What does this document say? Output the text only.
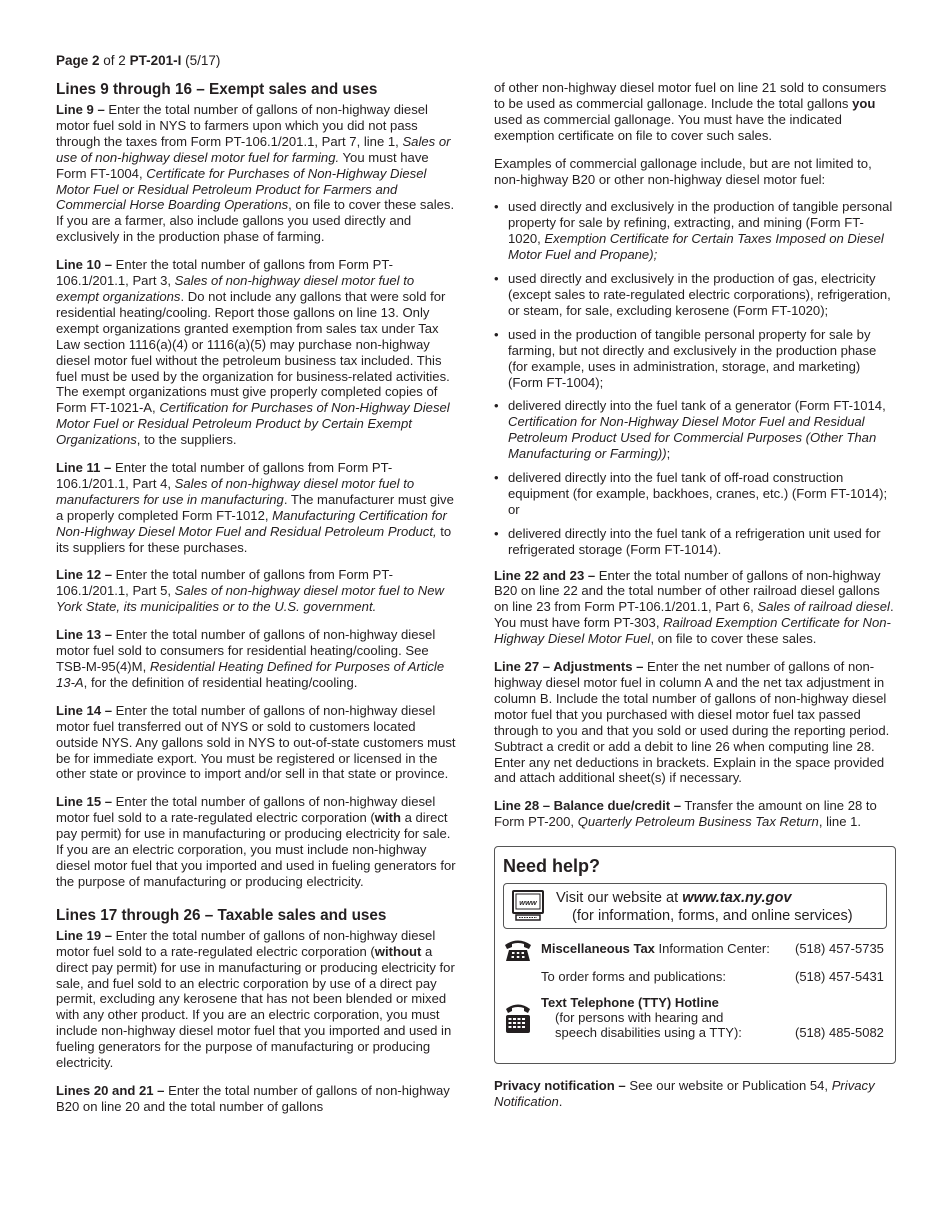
Page 2 of 2 PT-201-I (5/17)
Lines 9 through 16 – Exempt sales and uses

Line 9 – Enter the total number of gallons of non-highway diesel motor fuel sold in NYS to farmers upon which you did not pass through the taxes from Form PT-106.1/201.1, Part 7, line 1, Sales or use of non-highway diesel motor fuel for farming. You must have Form FT-1004, Certificate for Purchases of Non-Highway Diesel Motor Fuel or Residual Petroleum Product for Farmers and Commercial Horse Boarding Operations, on file to cover these sales. If you are a farmer, also include gallons you used directly and exclusively in the production phase of farming.

Line 10 – Enter the total number of gallons from Form PT-106.1/201.1, Part 3, Sales of non-highway diesel motor fuel to exempt organizations. Do not include any gallons that were sold for residential heating/cooling. Report those gallons on line 13. Only exempt organizations granted exemption from sales tax under Tax Law section 1116(a)(4) or 1116(a)(5) may purchase non-highway diesel motor fuel without the petroleum business tax included. This fuel must be used by the organization for business-related activities. The exempt organizations must give properly completed copies of Form FT-1021-A, Certification for Purchases of Non-Highway Diesel Motor Fuel or Residual Petroleum Product by Certain Exempt Organizations, to the suppliers.

Line 11 – Enter the total number of gallons from Form PT-106.1/201.1, Part 4, Sales of non-highway diesel motor fuel to manufacturers for use in manufacturing. The manufacturer must give a properly completed Form FT-1012, Manufacturing Certification for Non-Highway Diesel Motor Fuel and Residual Petroleum Product, to its suppliers for these purchases.

Line 12 – Enter the total number of gallons from Form PT-106.1/201.1, Part 5, Sales of non-highway diesel motor fuel to New York State, its municipalities or to the U.S. government.

Line 13 – Enter the total number of gallons of non-highway diesel motor fuel sold to consumers for residential heating/cooling. See TSB-M-95(4)M, Residential Heating Defined for Purposes of Article 13-A, for the definition of residential heating/cooling.

Line 14 – Enter the total number of gallons of non-highway diesel motor fuel transferred out of NYS or sold to customers located outside NYS. Any gallons sold in NYS to out-of-state customers must be for immediate export. You must be registered or licensed in the other state or province to import and/or sell in that state or province.

Line 15 – Enter the total number of gallons of non-highway diesel motor fuel sold to a rate-regulated electric corporation (with a direct pay permit) for use in manufacturing or producing electricity for sale. If you are an electric corporation, you must include non-highway diesel motor fuel that you imported and used in fueling generators for the purpose of manufacturing or producing electricity.

Lines 17 through 26 – Taxable sales and uses

Line 19 – Enter the total number of gallons of non-highway diesel motor fuel sold to a rate-regulated electric corporation (without a direct pay permit) for use in manufacturing or producing electricity for sale, and fuel sold to an electric corporation by use of a direct pay permit, excluding any kerosene that has not been blended or mixed with any other product. If you are an electric corporation, you must include non-highway diesel motor fuel that you imported and used in fueling generators for the purpose of manufacturing or producing electricity.

Lines 20 and 21 – Enter the total number of gallons of non-highway B20 on line 20 and the total number of gallons

of other non-highway diesel motor fuel on line 21 sold to consumers to be used as commercial gallonage. Include the total gallons you used as commercial gallonage. You must have the indicated exemption certificate on file to cover such sales.

Examples of commercial gallonage include, but are not limited to, non-highway B20 or other non-highway diesel motor fuel:

• used directly and exclusively in the production of tangible personal property for sale by refining, extracting, and mining (Form FT-1020, Exemption Certificate for Certain Taxes Imposed on Diesel Motor Fuel and Propane);
• used directly and exclusively in the production of gas, electricity (except sales to rate-regulated electric corporations), refrigeration, or steam, for sale, excluding kerosene (Form FT-1020);
• used in the production of tangible personal property for sale by farming, but not directly and exclusively in the production phase (for example, uses in administration, storage, and marketing) (Form FT-1004);
• delivered directly into the fuel tank of a generator (Form FT-1014, Certification for Non-Highway Diesel Motor Fuel and Residual Petroleum Product Used for Commercial Purposes (Other Than Manufacturing or Farming));
• delivered directly into the fuel tank of off-road construction equipment (for example, backhoes, cranes, etc.) (Form FT-1014); or
• delivered directly into the fuel tank of a refrigeration unit used for refrigerated storage (Form FT-1014).

Line 22 and 23 – Enter the total number of gallons of non-highway B20 on line 22 and the total number of other railroad diesel gallons on line 23 from Form PT-106.1/201.1, Part 6, Sales of railroad diesel. You must have form PT-303, Railroad Exemption Certificate for Non-Highway Diesel Motor Fuel, on file to cover these sales.

Line 27 – Adjustments – Enter the net number of gallons of non-highway diesel motor fuel in column A and the net tax adjustment in column B. Include the total number of gallons of non-highway diesel motor fuel that you purchased with diesel motor fuel tax passed through to you and that you sold or used during the reporting period. Subtract a credit or add a debit to line 26 when computing line 28. Enter any net deductions in brackets. Explain in the space provided and attach additional sheet(s) if necessary.

Line 28 – Balance due/credit – Transfer the amount on line 28 to Form PT-200, Quarterly Petroleum Business Tax Return, line 1.

Need help?
www Visit our website at www.tax.ny.gov
(for information, forms, and online services)
Miscellaneous Tax Information Center: (518) 457-5735
To order forms and publications:	(518) 457-5431
Text Telephone (TTY) Hotline
(for persons with hearing and
speech disabilities using a TTY):	(518) 485-5082

Privacy notification – See our website or Publication 54, Privacy Notification.
